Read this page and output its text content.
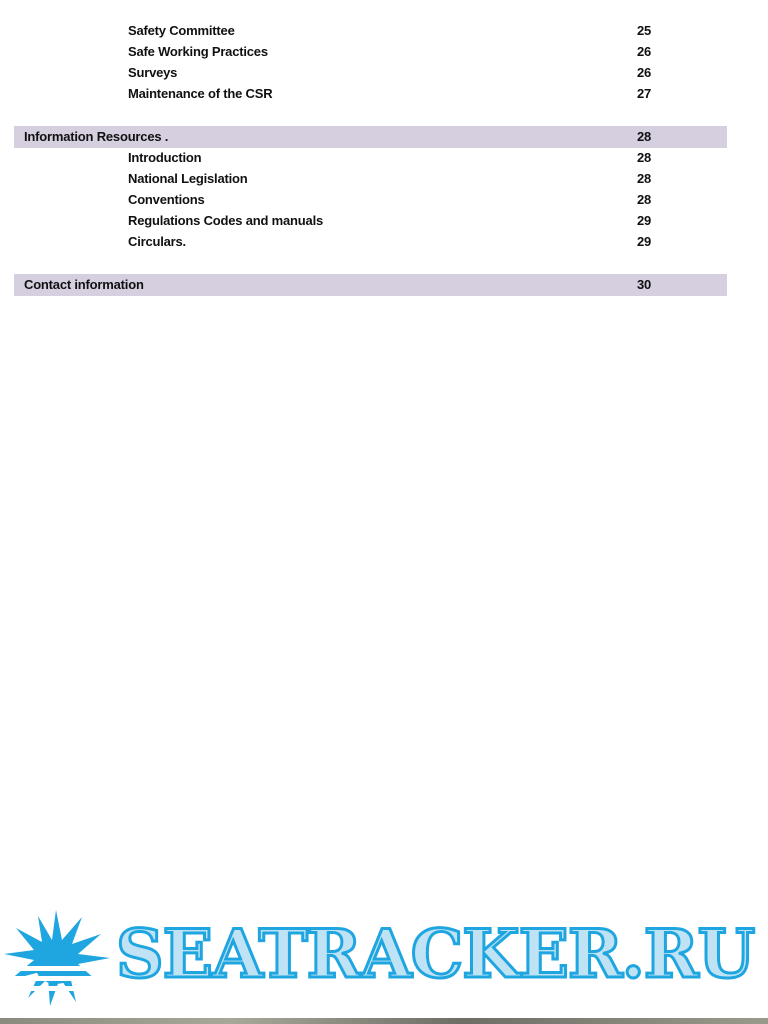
Safety Committee	25
Safe Working Practices	26
Surveys	26
Maintenance of the CSR	27
Information Resources .	28
Introduction	28
National Legislation	28
Conventions	28
Regulations Codes and manuals	29
Circulars.	29
Contact information	30
SEATRACKER.RU
